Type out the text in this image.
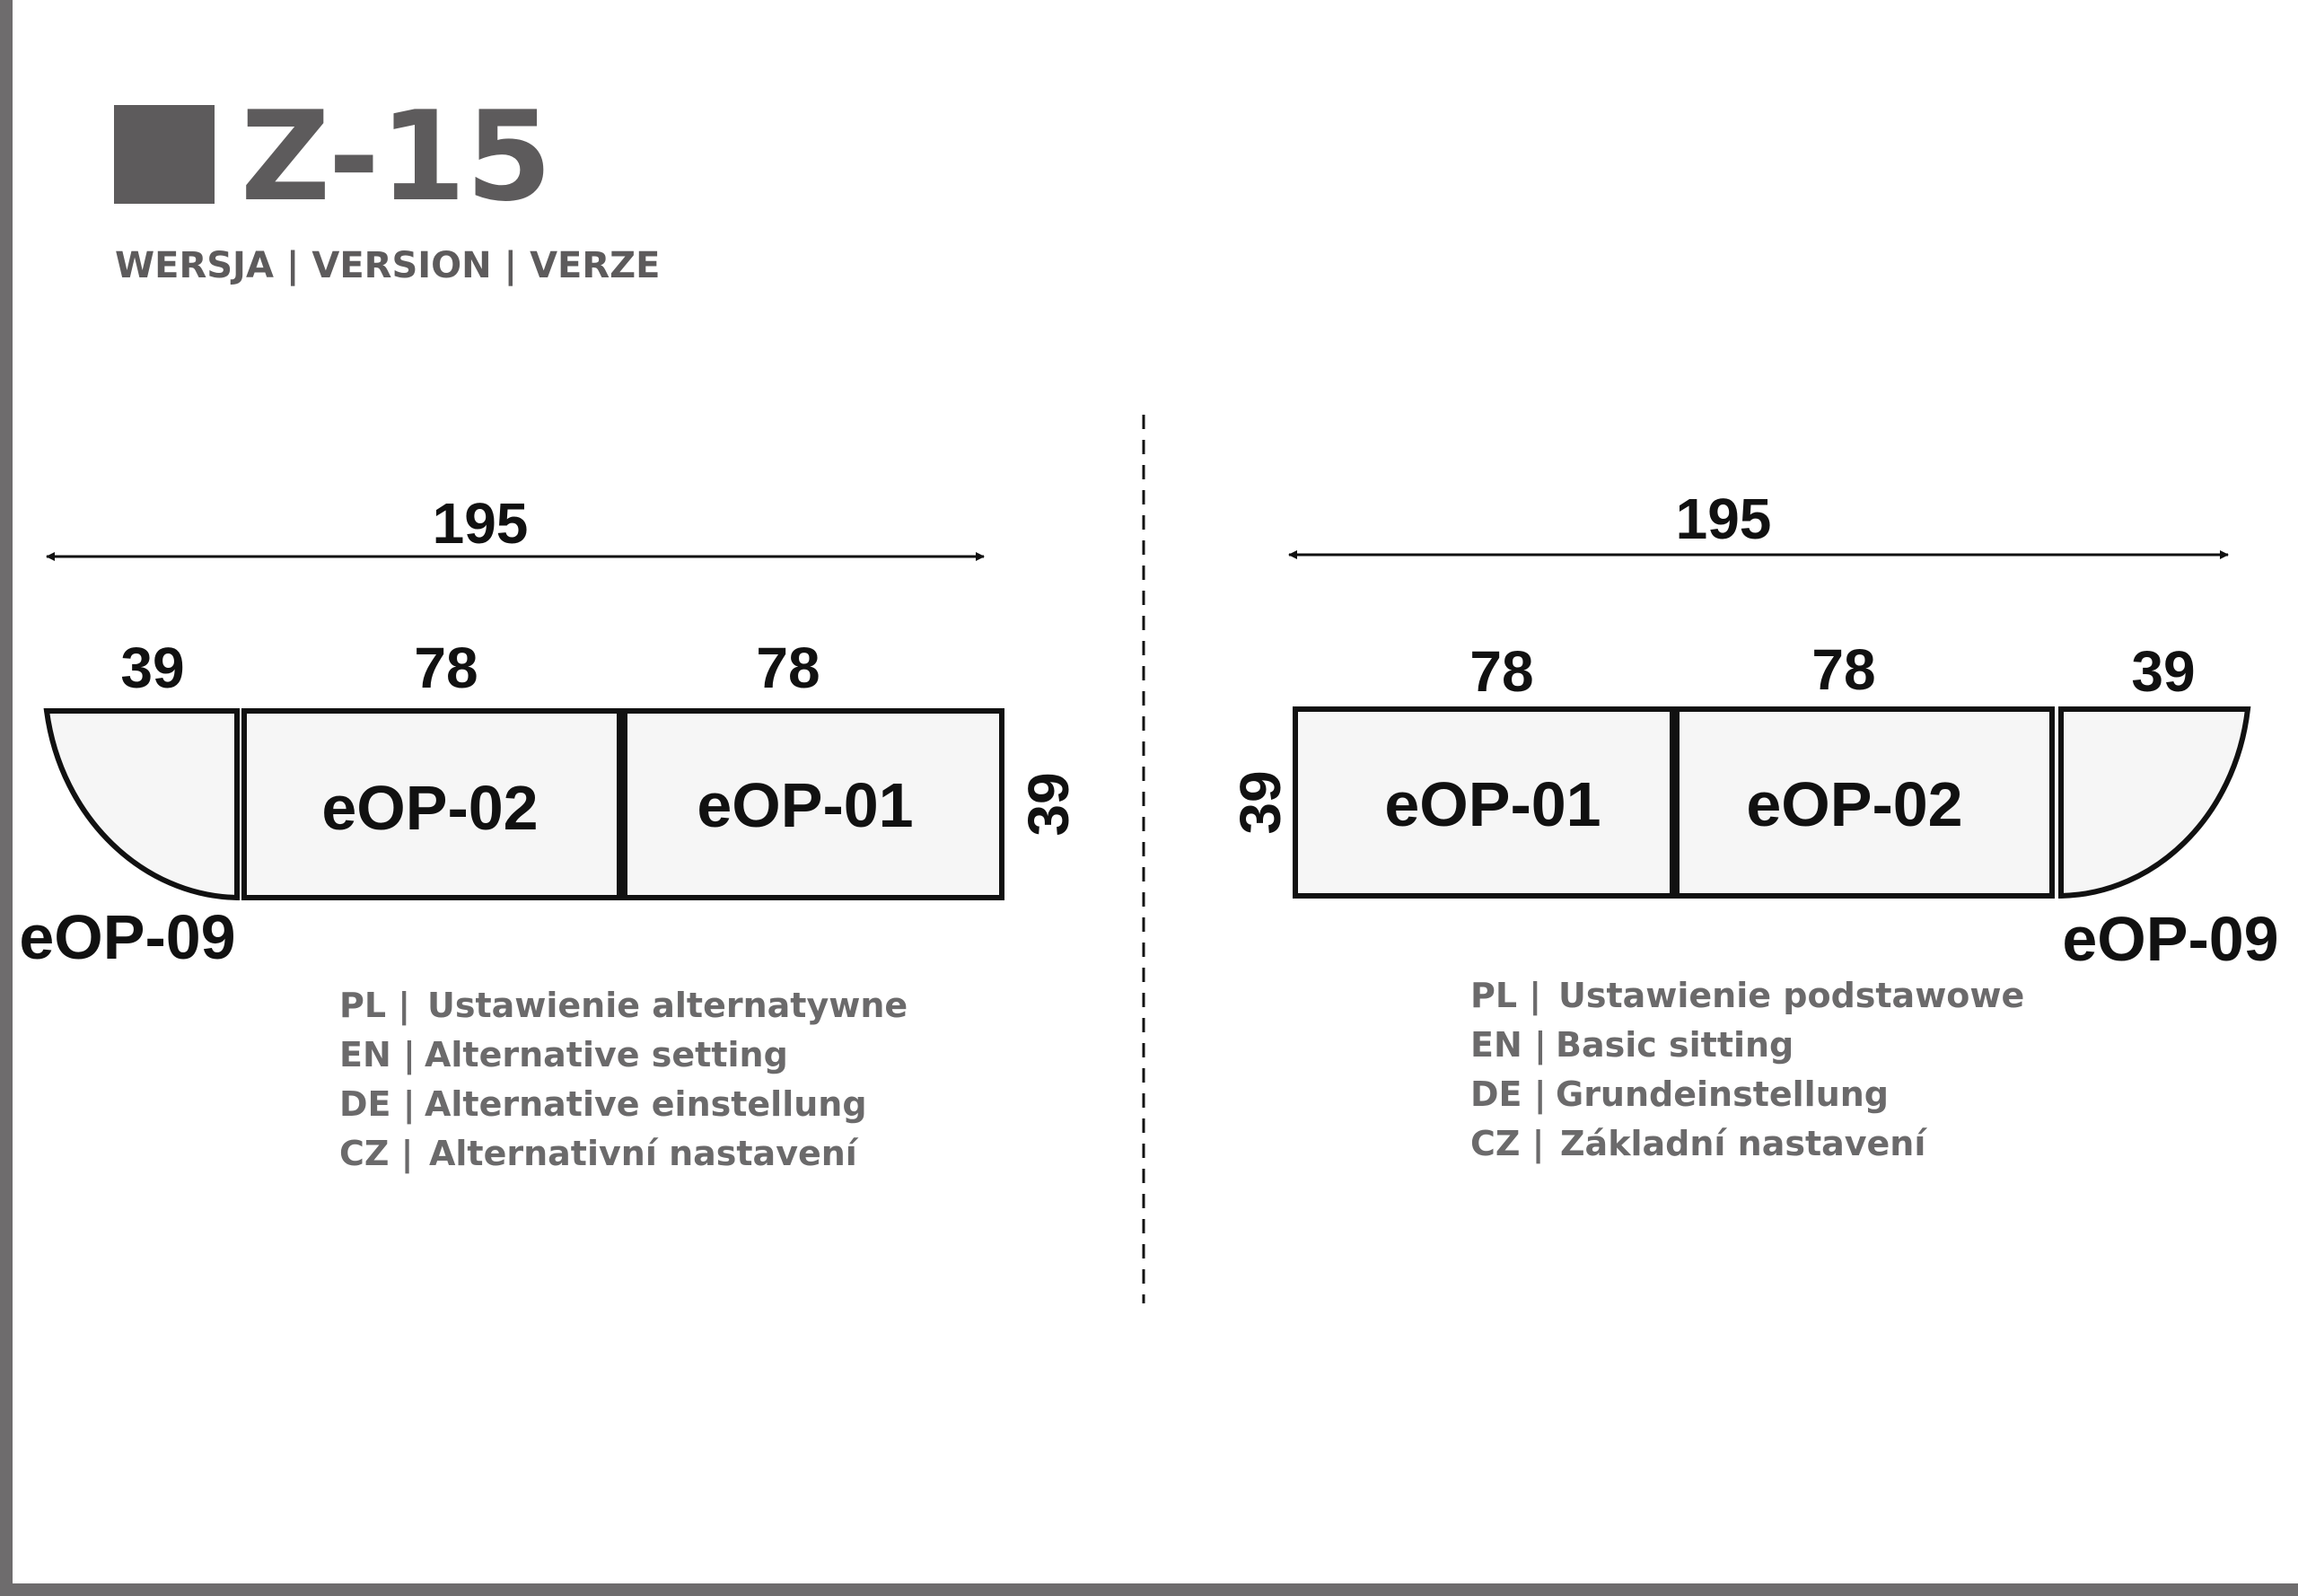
Z-15
WERSJA | VERSION | VERZE
195
39	78	78
eOP-02	eOP-01
eOP-09
39
PL | Ustawienie alternatywne
EN | Alternative setting
DE | Alternative einstellung
CZ | Alternativní nastavení
195
78	78	39
eOP-01 eOP-02
eOP-09
39
PL | Ustawienie podstawowe
EN | Basic sitting
DE | Grundeinstellung
CZ | Základní nastavení
